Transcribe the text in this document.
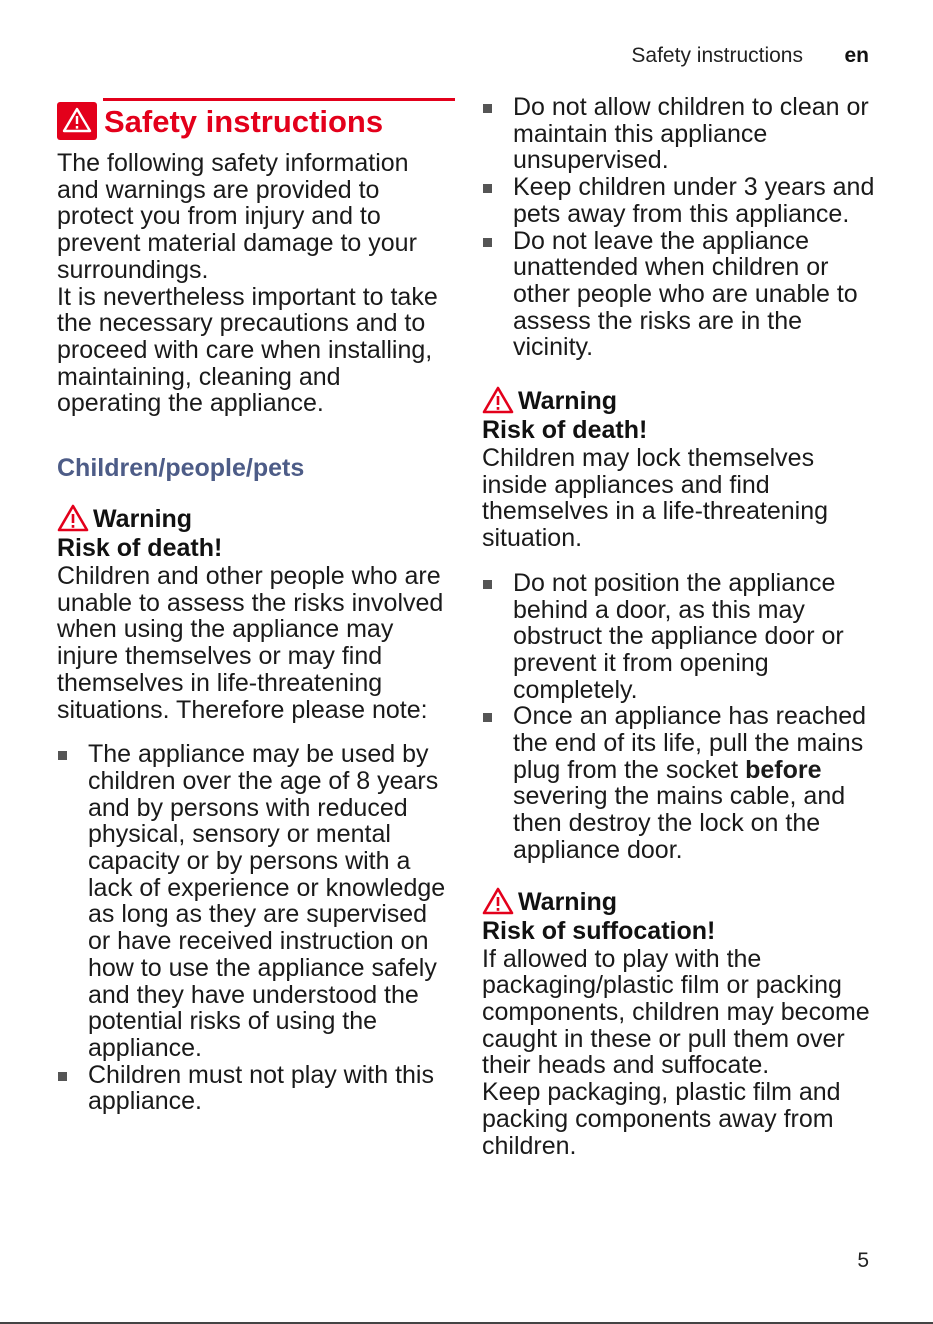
Safety instructions en
Safety instructions

The following safety information and warnings are provided to protect you from injury and to prevent material damage to your surroundings.

It is nevertheless important to take the necessary precautions and to proceed with care when installing, maintaining, cleaning and operating the appliance.

Children/people/pets
Warning
Risk of death!

Children and other people who are unable to assess the risks involved when using the appliance may injure themselves or may find themselves in life-threatening situations. Therefore please note:

The appliance may be used by children over the age of 8 years and by persons with reduced physical, sensory or mental capacity or by persons with a lack of experience or knowledge as long as they are supervised or have received instruction on how to use the appliance safely and they have understood the potential risks of using the appliance.
Children must not play with this appliance.
Do not allow children to clean or maintain this appliance unsupervised.
Keep children under 3 years and pets away from this appliance.
Do not leave the appliance unattended when children or other people who are unable to assess the risks are in the vicinity.
Warning
Risk of death!

Children may lock themselves inside appliances and find themselves in a life-threatening situation.

Do not position the appliance behind a door, as this may obstruct the appliance door or prevent it from opening completely.
Once an appliance has reached the end of its life, pull the mains plug from the socket before severing the mains cable, and then destroy the lock on the appliance door.
Warning
Risk of suffocation!

If allowed to play with the packaging/plastic film or packing components, children may become caught in these or pull them over their heads and suffocate.

Keep packaging, plastic film and packing components away from children.

5
